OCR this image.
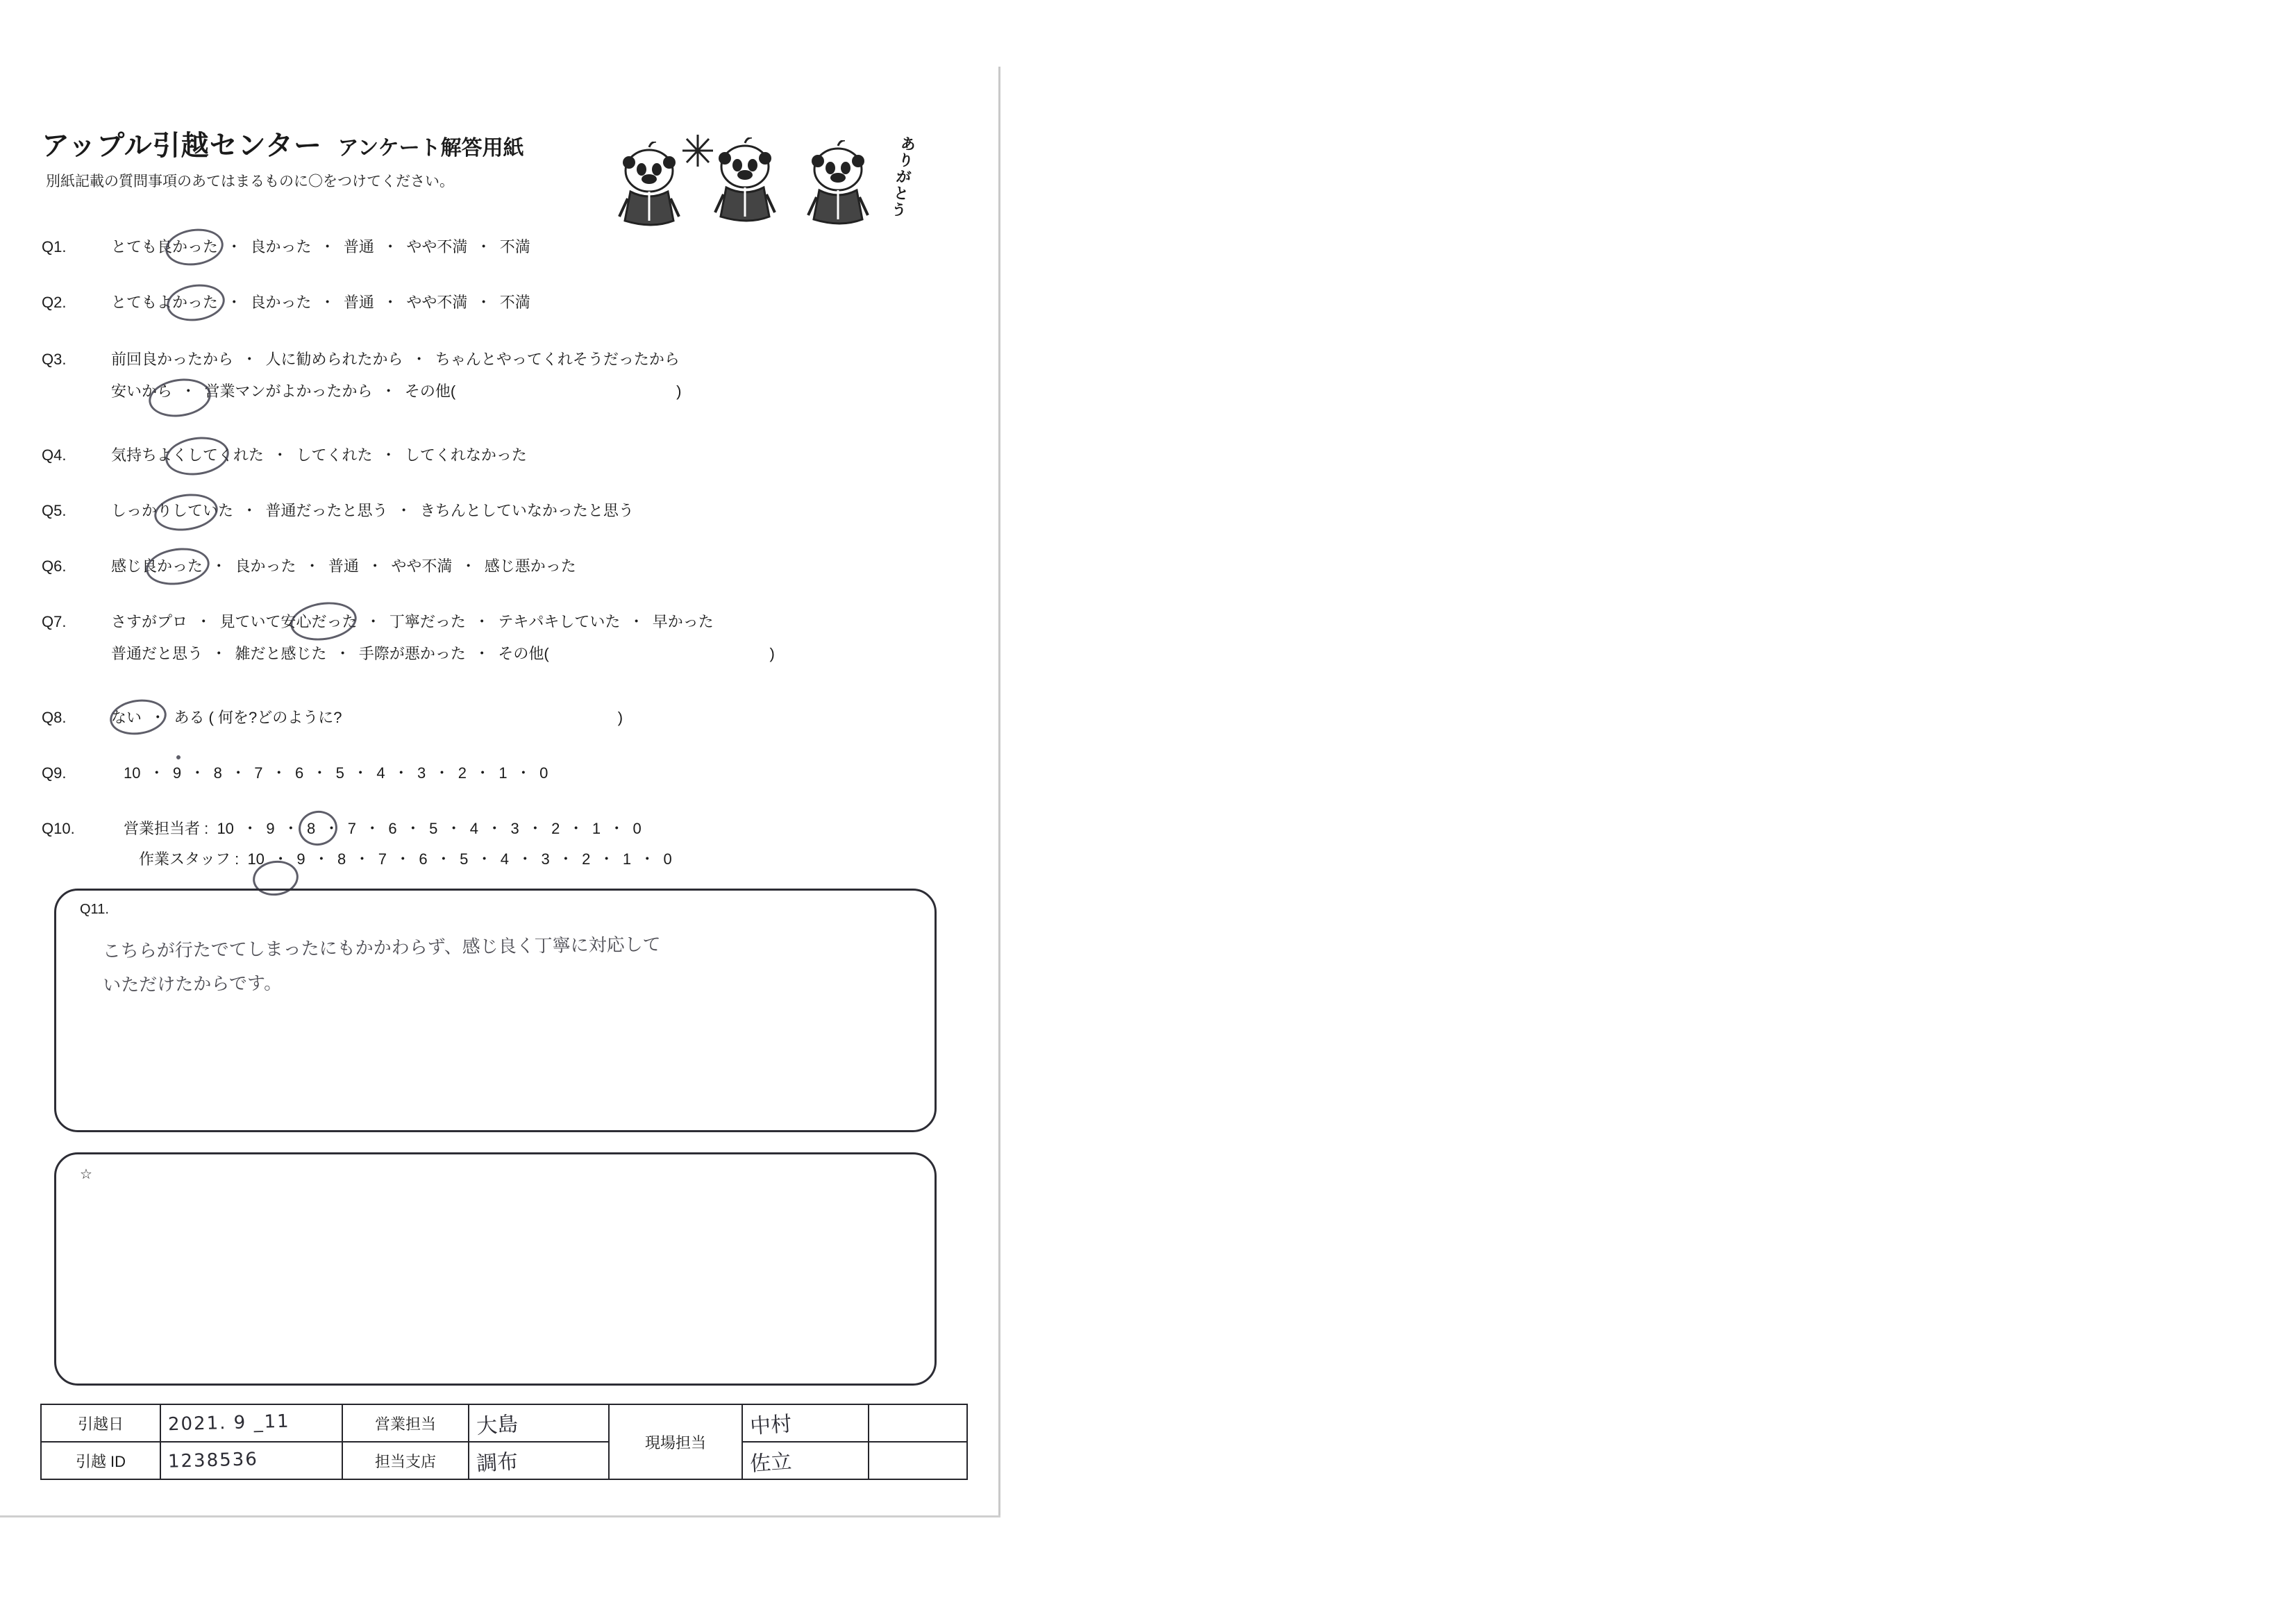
アップル引越センター アンケート解答用紙
別紙記載の質問事項のあてはまるものに〇をつけてください。	ありがとう
Q1.	とても良かった  ・  良かった  ・  普通  ・  やや不満  ・  不満
Q2.	とてもよかった  ・  良かった  ・  普通  ・  やや不満  ・  不満
Q3.	前回良かったから  ・  人に勧められたから  ・  ちゃんとやってくれそうだったから
安いから  ・  営業マンがよかったから  ・  その他(                                                    )
Q4.	気持ちよくしてくれた  ・  してくれた  ・  してくれなかった
Q5.	しっかりしていた  ・  普通だったと思う  ・  きちんとしていなかったと思う
Q6.	感じ良かった  ・  良かった  ・  普通  ・  やや不満  ・  感じ悪かった
Q7.	さすがプロ  ・  見ていて安心だった  ・  丁寧だった  ・  テキパキしていた  ・  早かった
普通だと思う  ・  雑だと感じた  ・  手際が悪かった  ・  その他(                                                    )
Q8.	ない  ・  ある ( 何を?どのように?                                                                 )
Q9.	10  ・  9  ・  8  ・  7  ・  6  ・  5  ・  4  ・  3  ・  2  ・  1  ・  0
Q10.	営業担当者 :  10  ・  9  ・  8  ・  7  ・  6  ・  5  ・  4  ・  3  ・  2  ・  1  ・  0
作業スタッフ :  10  ・  9  ・  8  ・  7  ・  6  ・  5  ・  4  ・  3  ・  2  ・  1  ・  0
Q11.
こちらが行たでてしまったにもかかわらず、感じ良く丁寧に対応して
いただけたからです。
☆
引越日	2021. 9 _11	営業担当	大島	現場担当	中村	
引越 ID	1238536	担当支店	調布		佐立	
